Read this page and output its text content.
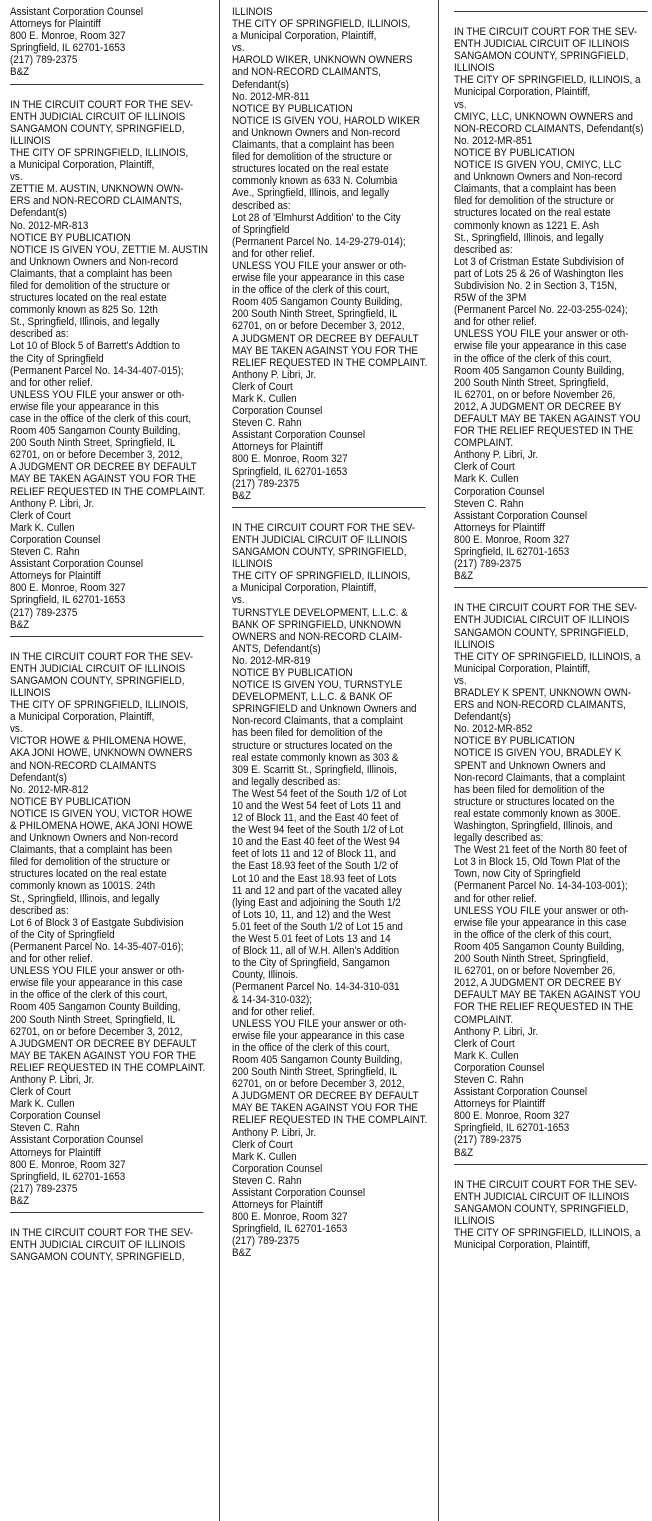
Assistant Corporation Counsel
Attorneys for Plaintiff
800 E. Monroe, Room 327
Springfield, IL 62701-1653
(217) 789-2375
B&Z
IN THE CIRCUIT COURT FOR THE SEV-
ENTH JUDICIAL CIRCUIT OF ILLINOIS
SANGAMON COUNTY, SPRINGFIELD,
ILLINOIS
THE CITY OF SPRINGFIELD, ILLINOIS,
a Municipal Corporation, Plaintiff,
vs.
ZETTIE M. AUSTIN, UNKNOWN OWN-
ERS and NON-RECORD CLAIMANTS,
Defendant(s)
No. 2012-MR-813
NOTICE BY PUBLICATION
NOTICE IS GIVEN YOU, ZETTIE M. AUSTIN
and Unknown Owners and Non-record
Claimants, that a complaint has been
filed for demolition of the structure or
structures located on the real estate
commonly known as 825 So. 12th
St., Springfield, Illinois, and legally
described as:
Lot 10 of Block 5 of Barrett's Addtion to
the City of Springfield
(Permanent Parcel No. 14-34-407-015);
and for other relief.
UNLESS YOU FILE your answer or oth-
erwise file your appearance in this
case in the office of the clerk of this court,
Room 405 Sangamon County Building,
200 South Ninth Street, Springfield, IL
62701, on or before December 3, 2012,
A JUDGMENT OR DECREE BY DEFAULT
MAY BE TAKEN AGAINST YOU FOR THE
RELIEF REQUESTED IN THE COMPLAINT.
Anthony P. Libri, Jr.
Clerk of Court
Mark K. Cullen
Corporation Counsel
Steven C. Rahn
Assistant Corporation Counsel
Attorneys for Plaintiff
800 E. Monroe, Room 327
Springfield, IL 62701-1653
(217) 789-2375
B&Z
IN THE CIRCUIT COURT FOR THE SEV-
ENTH JUDICIAL CIRCUIT OF ILLINOIS
SANGAMON COUNTY, SPRINGFIELD,
ILLINOIS
THE CITY OF SPRINGFIELD, ILLINOIS,
a Municipal Corporation, Plaintiff,
vs.
VICTOR HOWE & PHILOMENA HOWE,
AKA JONI HOWE, UNKNOWN OWNERS
and NON-RECORD CLAIMANTS
Defendant(s)
No. 2012-MR-812
NOTICE BY PUBLICATION
NOTICE IS GIVEN YOU, VICTOR HOWE
& PHILOMENA HOWE, AKA JONI HOWE
and Unknown Owners and Non-record
Claimants, that a complaint has been
filed for demolition of the structure or
structures located on the real estate
commonly known as 1001S. 24th
St., Springfield, Illinois, and legally
described as:
Lot 6 of Block 3 of Eastgate Subdivision
of the City of Springfield
(Permanent Parcel No. 14-35-407-016);
and for other relief.
UNLESS YOU FILE your answer or oth-
erwise file your appearance in this case
in the office of the clerk of this court,
Room 405 Sangamon County Building,
200 South Ninth Street, Springfield, IL
62701, on or before December 3, 2012,
A JUDGMENT OR DECREE BY DEFAULT
MAY BE TAKEN AGAINST YOU FOR THE
RELIEF REQUESTED IN THE COMPLAINT.
Anthony P. Libri, Jr.
Clerk of Court
Mark K. Cullen
Corporation Counsel
Steven C. Rahn
Assistant Corporation Counsel
Attorneys for Plaintiff
800 E. Monroe, Room 327
Springfield, IL 62701-1653
(217) 789-2375
B&Z
IN THE CIRCUIT COURT FOR THE SEV-
ENTH JUDICIAL CIRCUIT OF ILLINOIS
SANGAMON COUNTY, SPRINGFIELD,
ILLINOIS
THE CITY OF SPRINGFIELD, ILLINOIS,
a Municipal Corporation, Plaintiff,
vs.
HAROLD WIKER, UNKNOWN OWNERS
and NON-RECORD CLAIMANTS,
Defendant(s)
No. 2012-MR-811
NOTICE BY PUBLICATION
NOTICE IS GIVEN YOU, HAROLD WIKER
and Unknown Owners and Non-record
Claimants, that a complaint has been
filed for demolition of the structure or
structures located on the real estate
commonly known as 633 N. Columbia
Ave., Springfield, Illinois, and legally
described as:
Lot 28 of 'Elmhurst Addition' to the City
of Springfield
(Permanent Parcel No. 14-29-279-014);
and for other relief.
UNLESS YOU FILE your answer or oth-
erwise file your appearance in this case
in the office of the clerk of this court,
Room 405 Sangamon County Building,
200 South Ninth Street, Springfield, IL
62701, on or before December 3, 2012,
A JUDGMENT OR DECREE BY DEFAULT
MAY BE TAKEN AGAINST YOU FOR THE
RELIEF REQUESTED IN THE COMPLAINT.
Anthony P. Libri, Jr.
Clerk of Court
Mark K. Cullen
Corporation Counsel
Steven C. Rahn
Assistant Corporation Counsel
Attorneys for Plaintiff
800 E. Monroe, Room 327
Springfield, IL 62701-1653
(217) 789-2375
B&Z
IN THE CIRCUIT COURT FOR THE SEV-
ENTH JUDICIAL CIRCUIT OF ILLINOIS
SANGAMON COUNTY, SPRINGFIELD,
ILLINOIS
THE CITY OF SPRINGFIELD, ILLINOIS,
a Municipal Corporation, Plaintiff,
vs.
TURNSTYLE DEVELOPMENT, L.L.C. &
BANK OF SPRINGFIELD, UNKNOWN
OWNERS and NON-RECORD CLAIM-
ANTS, Defendant(s)
No. 2012-MR-819
NOTICE BY PUBLICATION
NOTICE IS GIVEN YOU, TURNSTYLE
DEVELOPMENT, L.L.C. & BANK OF
SPRINGFIELD and Unknown Owners and
Non-record Claimants, that a complaint
has been filed for demolition of the
structure or structures located on the
real estate commonly known as 303 &
309 E. Scarritt St., Springfield, Illinois,
and legally described as:
The West 54 feet of the South 1/2 of Lot
10 and the West 54 feet of Lots 11 and
12 of Block 11, and the East 40 feet of
the West 94 feet of the South 1/2 of Lot
10 and the East 40 feet of the West 94
feet of lots 11 and 12 of Block 11, and
the East 18.93 feet of the South 1/2 of
Lot 10 and the East 18.93 feet of Lots
11 and 12 and part of the vacated alley
(lying East and adjoining the South 1/2
of Lots 10, 11, and 12) and the West
5.01 feet of the South 1/2 of Lot 15 and
the West 5.01 feet of Lots 13 and 14
of Block 11, all of W.H. Allen's Addition
to the City of Springfield, Sangamon
County, Illinois.
(Permanent Parcel No. 14-34-310-031
& 14-34-310-032);
and for other relief.
UNLESS YOU FILE your answer or oth-
erwise file your appearance in this case
in the office of the clerk of this court,
Room 405 Sangamon County Building,
200 South Ninth Street, Springfield, IL
62701, on or before December 3, 2012,
A JUDGMENT OR DECREE BY DEFAULT
MAY BE TAKEN AGAINST YOU FOR THE
RELIEF REQUESTED IN THE COMPLAINT.
Anthony P. Libri, Jr.
Clerk of Court
Mark K. Cullen
Corporation Counsel
Steven C. Rahn
Assistant Corporation Counsel
Attorneys for Plaintiff
800 E. Monroe, Room 327
Springfield, IL 62701-1653
(217) 789-2375
B&Z
IN THE CIRCUIT COURT FOR THE SEV-
ENTH JUDICIAL CIRCUIT OF ILLINOIS
SANGAMON COUNTY, SPRINGFIELD,
ILLINOIS
THE CITY OF SPRINGFIELD, ILLINOIS, a
Municipal Corporation, Plaintiff,
vs.
CMIYC, LLC, UNKNOWN OWNERS and
NON-RECORD CLAIMANTS, Defendant(s)
No. 2012-MR-851
NOTICE BY PUBLICATION
NOTICE IS GIVEN YOU, CMIYC, LLC
and Unknown Owners and Non-record
Claimants, that a complaint has been
filed for demolition of the structure or
structures located on the real estate
commonly known as 1221 E. Ash
St., Springfield, Illinois, and legally
described as:
Lot 3 of Cristman Estate Subdivision of
part of Lots 25 & 26 of Washington Iles
Subdivision No. 2 in Section 3, T15N,
R5W of the 3PM
(Permanent Parcel No. 22-03-255-024);
and for other relief.
UNLESS YOU FILE your answer or oth-
erwise file your appearance in this case
in the office of the clerk of this court,
Room 405 Sangamon County Building,
200 South Ninth Street, Springfield,
IL 62701, on or before November 26,
2012, A JUDGMENT OR DECREE BY
DEFAULT MAY BE TAKEN AGAINST YOU
FOR THE RELIEF REQUESTED IN THE
COMPLAINT.
Anthony P. Libri, Jr.
Clerk of Court
Mark K. Cullen
Corporation Counsel
Steven C. Rahn
Assistant Corporation Counsel
Attorneys for Plaintiff
800 E. Monroe, Room 327
Springfield, IL 62701-1653
(217) 789-2375
B&Z
IN THE CIRCUIT COURT FOR THE SEV-
ENTH JUDICIAL CIRCUIT OF ILLINOIS
SANGAMON COUNTY, SPRINGFIELD,
ILLINOIS
THE CITY OF SPRINGFIELD, ILLINOIS, a
Municipal Corporation, Plaintiff,
vs.
BRADLEY K SPENT, UNKNOWN OWN-
ERS and NON-RECORD CLAIMANTS,
Defendant(s)
No. 2012-MR-852
NOTICE BY PUBLICATION
NOTICE IS GIVEN YOU, BRADLEY K
SPENT and Unknown Owners and
Non-record Claimants, that a complaint
has been filed for demolition of the
structure or structures located on the
real estate commonly known as 300E.
Washington, Springfield, Illinois, and
legally described as:
The West 21 feet of the North 80 feet of
Lot 3 in Block 15, Old Town Plat of the
Town, now City of Springfield
(Permanent Parcel No. 14-34-103-001);
and for other relief.
UNLESS YOU FILE your answer or oth-
erwise file your appearance in this case
in the office of the clerk of this court,
Room 405 Sangamon County Building,
200 South Ninth Street, Springfield,
IL 62701, on or before November 26,
2012, A JUDGMENT OR DECREE BY
DEFAULT MAY BE TAKEN AGAINST YOU
FOR THE RELIEF REQUESTED IN THE
COMPLAINT.
Anthony P. Libri, Jr.
Clerk of Court
Mark K. Cullen
Corporation Counsel
Steven C. Rahn
Assistant Corporation Counsel
Attorneys for Plaintiff
800 E. Monroe, Room 327
Springfield, IL 62701-1653
(217) 789-2375
B&Z
IN THE CIRCUIT COURT FOR THE SEV-
ENTH JUDICIAL CIRCUIT OF ILLINOIS
SANGAMON COUNTY, SPRINGFIELD,
ILLINOIS
THE CITY OF SPRINGFIELD, ILLINOIS, a
Municipal Corporation, Plaintiff,
